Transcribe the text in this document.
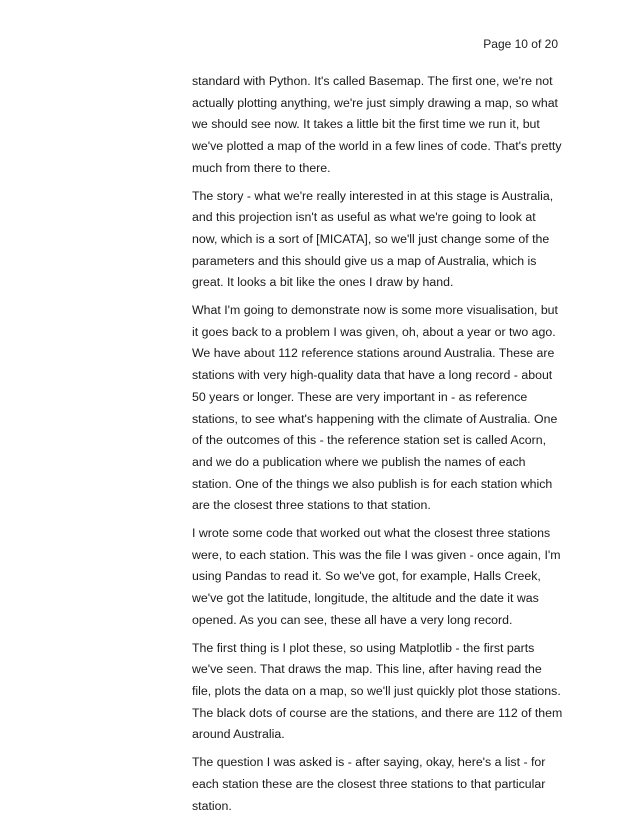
Page 10 of 20

standard with Python. It's called Basemap. The first one, we're not actually plotting anything, we're just simply drawing a map, so what we should see now. It takes a little bit the first time we run it, but we've plotted a map of the world in a few lines of code. That's pretty much from there to there.

The story - what we're really interested in at this stage is Australia, and this projection isn't as useful as what we're going to look at now, which is a sort of [MICATA], so we'll just change some of the parameters and this should give us a map of Australia, which is great. It looks a bit like the ones I draw by hand.

What I'm going to demonstrate now is some more visualisation, but it goes back to a problem I was given, oh, about a year or two ago. We have about 112 reference stations around Australia. These are stations with very high-quality data that have a long record - about 50 years or longer. These are very important in - as reference stations, to see what's happening with the climate of Australia. One of the outcomes of this - the reference station set is called Acorn, and we do a publication where we publish the names of each station. One of the things we also publish is for each station which are the closest three stations to that station.

I wrote some code that worked out what the closest three stations were, to each station. This was the file I was given - once again, I'm using Pandas to read it. So we've got, for example, Halls Creek, we've got the latitude, longitude, the altitude and the date it was opened. As you can see, these all have a very long record.

The first thing is I plot these, so using Matplotlib - the first parts we've seen. That draws the map. This line, after having read the file, plots the data on a map, so we'll just quickly plot those stations. The black dots of course are the stations, and there are 112 of them around Australia.

The question I was asked is - after saying, okay, here's a list - for each station these are the closest three stations to that particular station.
